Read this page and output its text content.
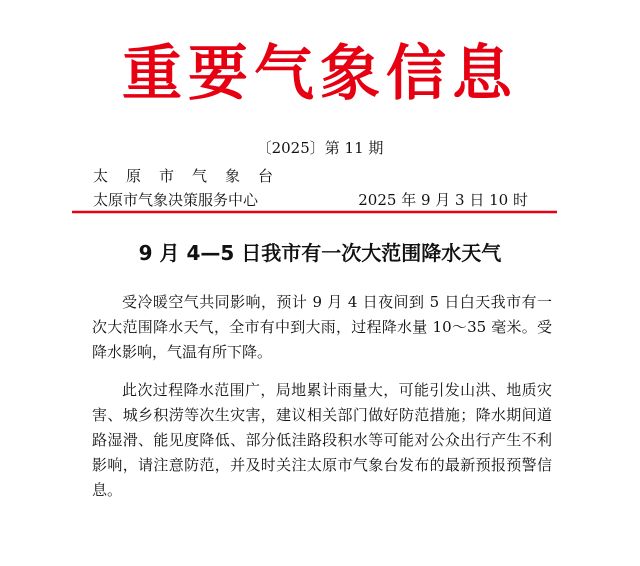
重要气象信息
〔2025〕第 11 期
太原市气象台
太原市气象决策服务中心	2025 年 9 月 3 日 10 时
9 月 4—5 日我市有一次大范围降水天气

受冷暖空气共同影响，预计 9 月 4 日夜间到 5 日白天我市有一次大范围降水天气，全市有中到大雨，过程降水量 10～35 毫米。受降水影响，气温有所下降。

此次过程降水范围广，局地累计雨量大，可能引发山洪、地质灾害、城乡积涝等次生灾害，建议相关部门做好防范措施；降水期间道路湿滑、能见度降低、部分低洼路段积水等可能对公众出行产生不利影响，请注意防范，并及时关注太原市气象台发布的最新预报预警信息。
